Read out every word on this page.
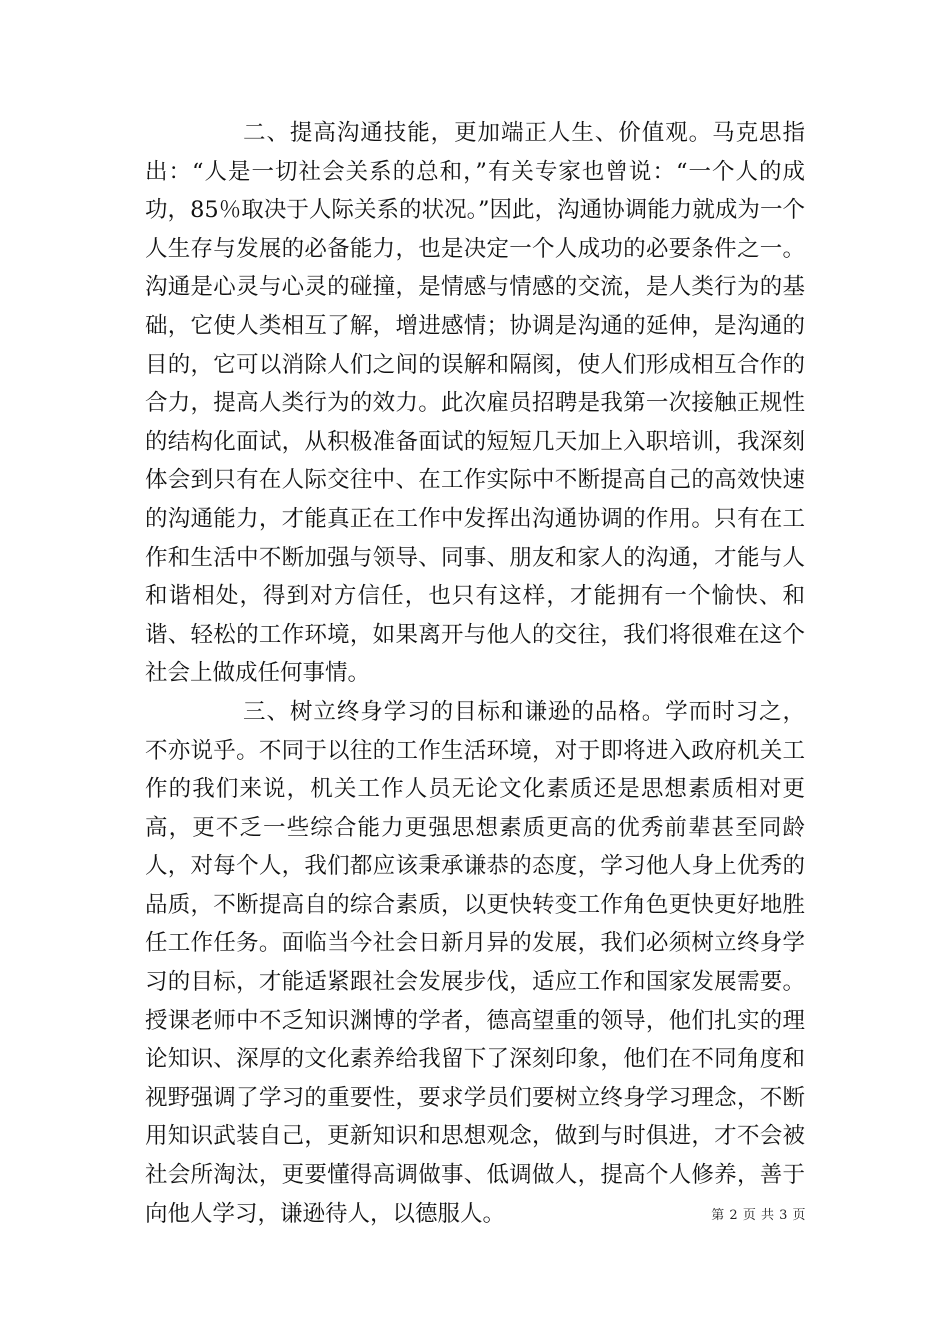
二、提高沟通技能，更加端正人生、价值观。马克思指出：“人是一切社会关系的总和，”有关专家也曾说：“一个人的成功，85％取决于人际关系的状况。”因此，沟通协调能力就成为一个人生存与发展的必备能力，也是决定一个人成功的必要条件之一。沟通是心灵与心灵的碰撞，是情感与情感的交流，是人类行为的基础，它使人类相互了解，增进感情；协调是沟通的延伸，是沟通的目的，它可以消除人们之间的误解和隔阂，使人们形成相互合作的合力，提高人类行为的效力。此次雇员招聘是我第一次接触正规性的结构化面试，从积极准备面试的短短几天加上入职培训，我深刻体会到只有在人际交往中、在工作实际中不断提高自己的高效快速的沟通能力，才能真正在工作中发挥出沟通协调的作用。只有在工作和生活中不断加强与领导、同事、朋友和家人的沟通，才能与人和谐相处，得到对方信任，也只有这样，才能拥有一个愉快、和谐、轻松的工作环境，如果离开与他人的交往，我们将很难在这个社会上做成任何事情。

三、树立终身学习的目标和谦逊的品格。学而时习之，不亦说乎。不同于以往的工作生活环境，对于即将进入政府机关工作的我们来说，机关工作人员无论文化素质还是思想素质相对更高，更不乏一些综合能力更强思想素质更高的优秀前辈甚至同龄人，对每个人，我们都应该秉承谦恭的态度，学习他人身上优秀的品质，不断提高自的综合素质，以更快转变工作角色更快更好地胜任工作任务。面临当今社会日新月异的发展，我们必须树立终身学习的目标，才能适紧跟社会发展步伐，适应工作和国家发展需要。授课老师中不乏知识渊博的学者，德高望重的领导，他们扎实的理论知识、深厚的文化素养给我留下了深刻印象，他们在不同角度和视野强调了学习的重要性，要求学员们要树立终身学习理念，不断用知识武装自己，更新知识和思想观念，做到与时俱进，才不会被社会所淘汰，更要懂得高调做事、低调做人，提高个人修养，善于向他人学习，谦逊待人，以德服人。	第 2 页 共 3 页
